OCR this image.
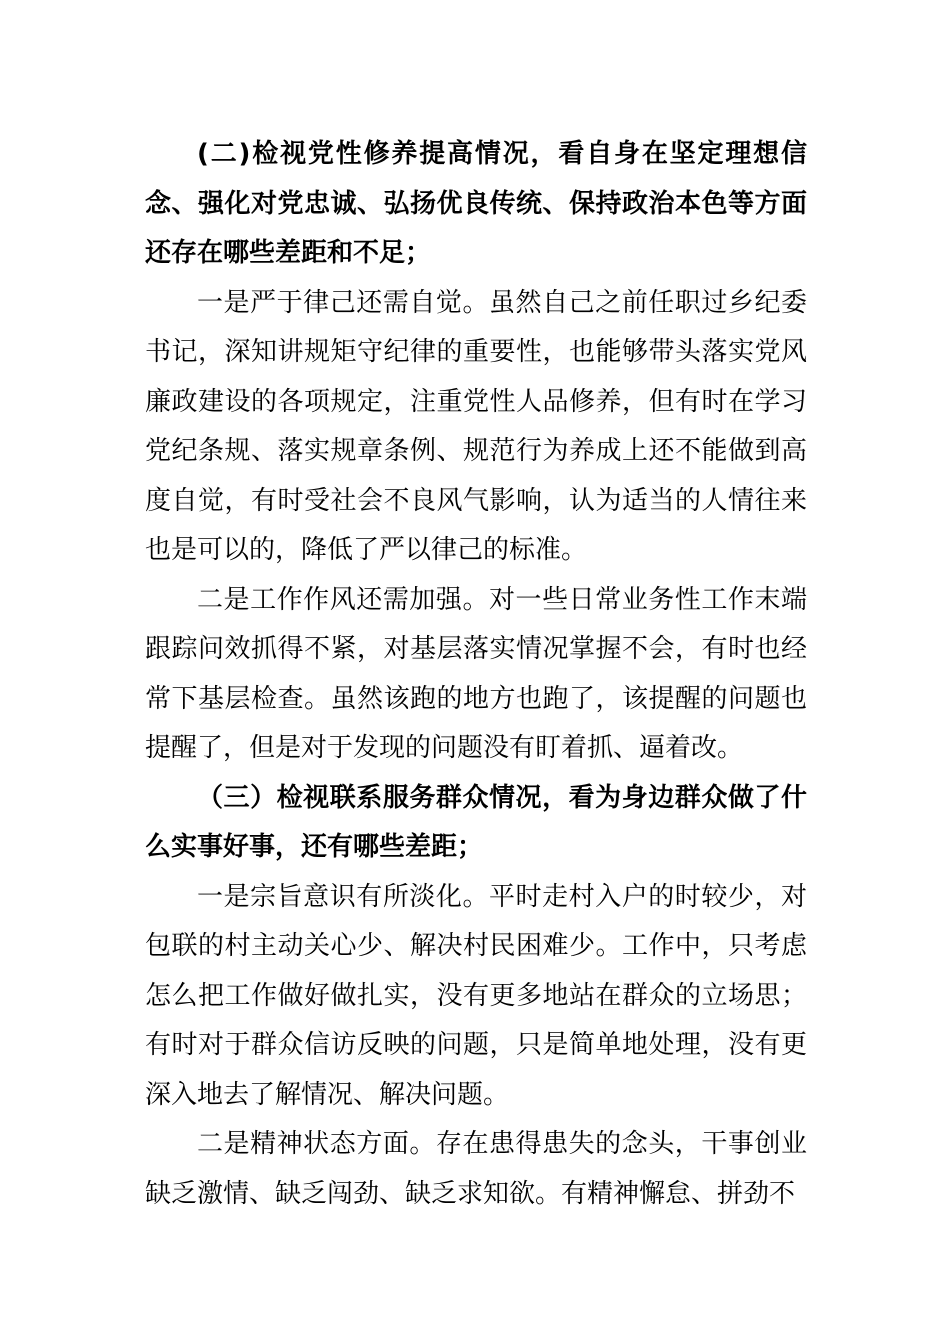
(二)检视党性修养提高情况，看自身在坚定理想信念、强化对党忠诚、弘扬优良传统、保持政治本色等方面还存在哪些差距和不足；

一是严于律己还需自觉。虽然自己之前任职过乡纪委书记，深知讲规矩守纪律的重要性，也能够带头落实党风廉政建设的各项规定，注重党性人品修养，但有时在学习党纪条规、落实规章条例、规范行为养成上还不能做到高度自觉，有时受社会不良风气影响，认为适当的人情往来也是可以的，降低了严以律己的标准。

二是工作作风还需加强。对一些日常业务性工作末端跟踪问效抓得不紧，对基层落实情况掌握不会，有时也经常下基层检查。虽然该跑的地方也跑了，该提醒的问题也提醒了，但是对于发现的问题没有盯着抓、逼着改。

（三）检视联系服务群众情况，看为身边群众做了什么实事好事，还有哪些差距；

一是宗旨意识有所淡化。平时走村入户的时较少，对包联的村主动关心少、解决村民困难少。工作中，只考虑怎么把工作做好做扎实，没有更多地站在群众的立场思；有时对于群众信访反映的问题，只是简单地处理，没有更深入地去了解情况、解决问题。

二是精神状态方面。存在患得患失的念头，干事创业缺乏激情、缺乏闯劲、缺乏求知欲。有精神懈怠、拼劲不
